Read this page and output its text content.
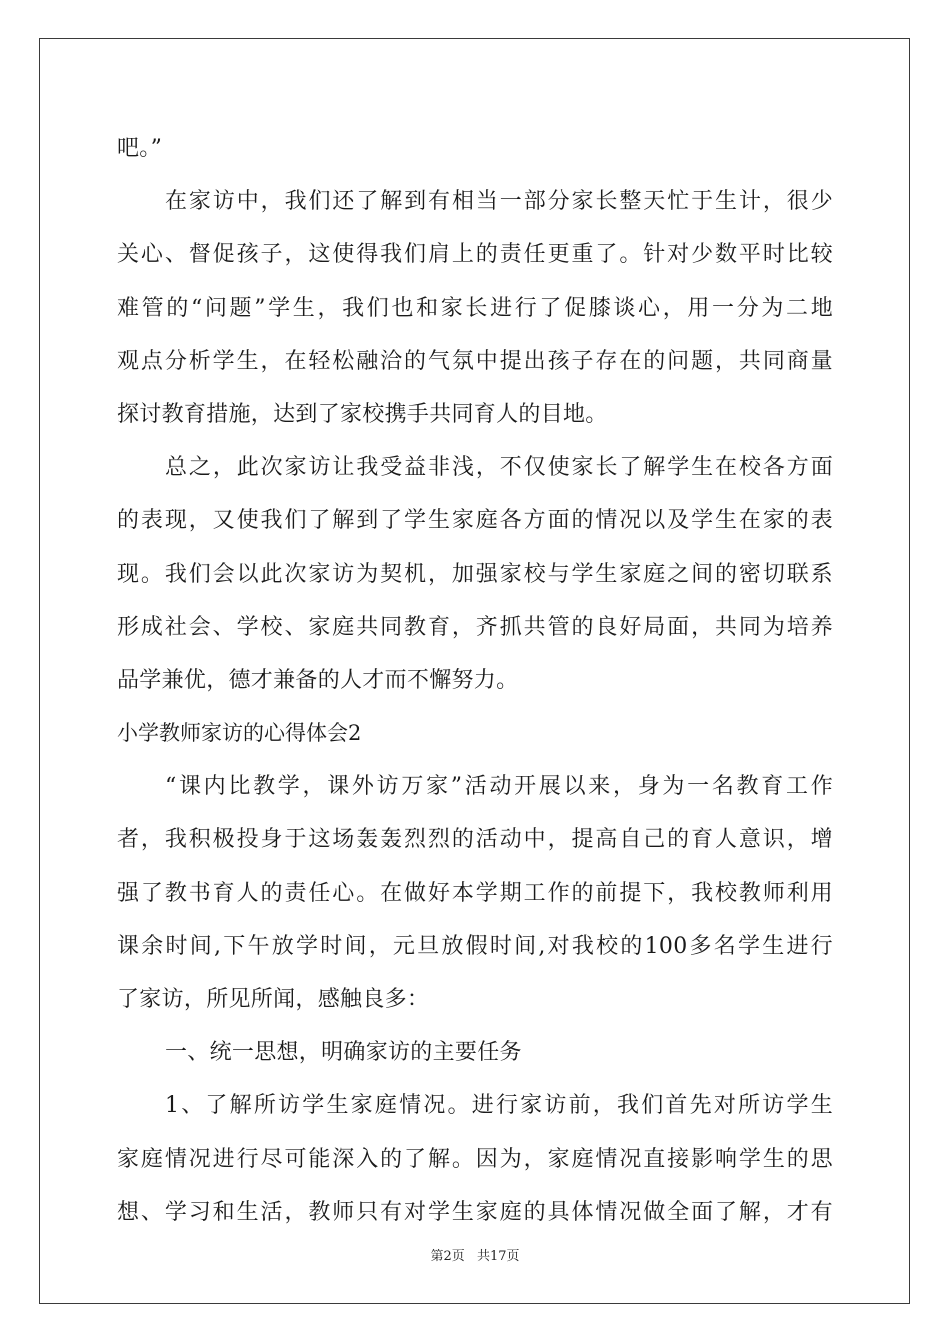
吧。”
在家访中，我们还了解到有相当一部分家长整天忙于生计，很少
关心、督促孩子，这使得我们肩上的责任更重了。针对少数平时比较
难管的“问题”学生，我们也和家长进行了促膝谈心，用一分为二地
观点分析学生，在轻松融洽的气氛中提出孩子存在的问题，共同商量
探讨教育措施，达到了家校携手共同育人的目地。
总之，此次家访让我受益非浅，不仅使家长了解学生在校各方面
的表现，又使我们了解到了学生家庭各方面的情况以及学生在家的表
现。我们会以此次家访为契机，加强家校与学生家庭之间的密切联系
形成社会、学校、家庭共同教育，齐抓共管的良好局面，共同为培养
品学兼优，德才兼备的人才而不懈努力。
小学教师家访的心得体会2
“课内比教学，课外访万家”活动开展以来，身为一名教育工作
者，我积极投身于这场轰轰烈烈的活动中，提高自己的育人意识，增
强了教书育人的责任心。在做好本学期工作的前提下，我校教师利用
课余时间,下午放学时间，元旦放假时间,对我校的100多名学生进行
了家访，所见所闻，感触良多：
一、统一思想，明确家访的主要任务
1、了解所访学生家庭情况。进行家访前，我们首先对所访学生
家庭情况进行尽可能深入的了解。因为，家庭情况直接影响学生的思
想、学习和生活，教师只有对学生家庭的具体情况做全面了解，才有
第2页 共17页
